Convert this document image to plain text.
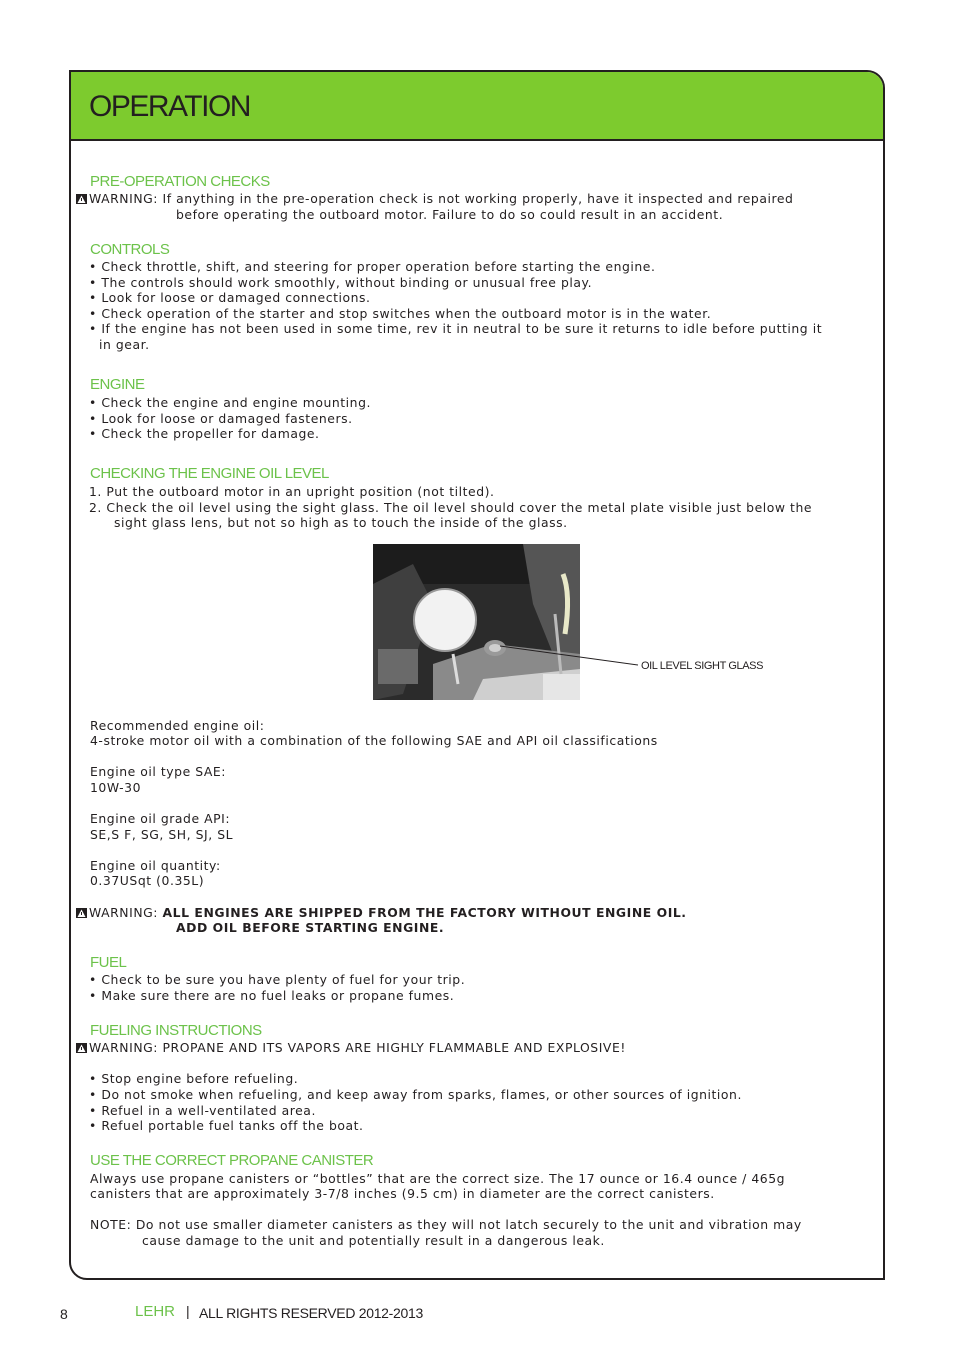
OPERATION
PRE-OPERATION CHECKS
WARNING: If anything in the pre-operation check is not working properly, have it inspected and repaired
before operating the outboard motor. Failure to do so could result in an accident.
CONTROLS
• Check throttle, shift, and steering for proper operation before starting the engine.
• The controls should work smoothly, without binding or unusual free play.
• Look for loose or damaged connections.
• Check operation of the starter and stop switches when the outboard motor is in the water.
• If the engine has not been used in some time, rev it in neutral to be sure it returns to idle before putting it
in gear.
ENGINE
• Check the engine and engine mounting.
• Look for loose or damaged fasteners.
• Check the propeller for damage.
CHECKING THE ENGINE OIL LEVEL
1. Put the outboard motor in an upright position (not tilted).
2. Check the oil level using the sight glass. The oil level should cover the metal plate visible just below the
sight glass lens, but not so high as to touch the inside of the glass.
OIL LEVEL SIGHT GLASS
Recommended engine oil:
4-stroke motor oil with a combination of the following SAE and API oil classifications
Engine oil type SAE:
10W-30
Engine oil grade API:
SE,S F, SG, SH, SJ, SL
Engine oil quantity:
0.37USqt (0.35L)
WARNING: ALL ENGINES ARE SHIPPED FROM THE FACTORY WITHOUT ENGINE OIL.
ADD OIL BEFORE STARTING ENGINE.
FUEL
• Check to be sure you have plenty of fuel for your trip.
• Make sure there are no fuel leaks or propane fumes.
FUELING INSTRUCTIONS
WARNING: PROPANE AND ITS VAPORS ARE HIGHLY FLAMMABLE AND EXPLOSIVE!
• Stop engine before refueling.
• Do not smoke when refueling, and keep away from sparks, flames, or other sources of ignition.
• Refuel in a well-ventilated area.
• Refuel portable fuel tanks off the boat.
USE THE CORRECT PROPANE CANISTER
Always use propane canisters or “bottles” that are the correct size. The 17 ounce or 16.4 ounce / 465g
canisters that are approximately 3-7/8 inches (9.5 cm) in diameter are the correct canisters.
NOTE: Do not use smaller diameter canisters as they will not latch securely to the unit and vibration may
cause damage to the unit and potentially result in a dangerous leak.
8	LEHR | ALL RIGHTS RESERVED 2012-2013
